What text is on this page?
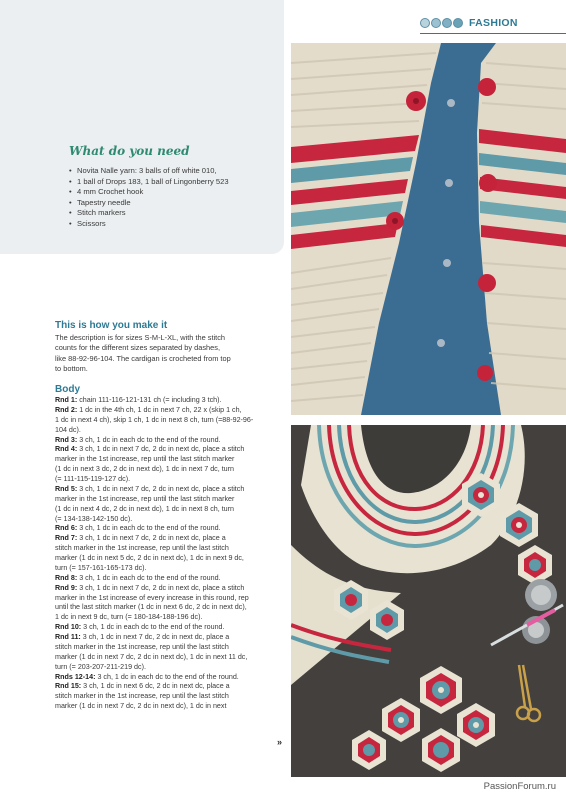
FASHION
What do you need
• Novita Nalle yarn: 3 balls of off white 010,
• 1 ball of Drops 183, 1 ball of Lingonberry 523
• 4 mm Crochet hook
• Tapestry needle
• Stitch markers
• Scissors
This is how you make it
The description is for sizes S-M-L-XL, with the stitch
counts for the different sizes separated by dashes,
like 88-92-96-104. The cardigan is crocheted from top
to bottom.
Body
Rnd 1: chain 111-116-121-131 ch (= including 3 tch).
Rnd 2: 1 dc in the 4th ch, 1 dc in next 7 ch, 22 x (skip 1 ch,
1 dc in next 4 ch), skip 1 ch, 1 dc in next 8 ch, turn (=88-92-96-
104 dc).
Rnd 3: 3 ch, 1 dc in each dc to the end of the round.
Rnd 4: 3 ch, 1 dc in next 7 dc, 2 dc in next dc, place a stitch
marker in the 1st increase, rep until the last stitch marker
(1 dc in next 3 dc, 2 dc in next dc), 1 dc in next 7 dc, turn
(= 111-115-119-127 dc).
Rnd 5: 3 ch, 1 dc in next 7 dc, 2 dc in next dc, place a stitch
marker in the 1st increase, rep until the last stitch marker
(1 dc in next 4 dc, 2 dc in next dc), 1 dc in next 8 ch, turn
(= 134-138-142-150 dc).
Rnd 6: 3 ch, 1 dc in each dc to the end of the round.
Rnd 7: 3 ch, 1 dc in next 7 dc, 2 dc in next dc, place a
stitch marker in the 1st increase, rep until the last stitch
marker (1 dc in next 5 dc, 2 dc in next dc), 1 dc in next 9 dc,
turn (= 157-161-165-173 dc).
Rnd 8: 3 ch, 1 dc in each dc to the end of the round.
Rnd 9: 3 ch, 1 dc in next 7 dc, 2 dc in next dc, place a stitch
marker in the 1st increase of every increase in this round, rep
until the last stitch marker (1 dc in next 6 dc, 2 dc in next dc),
1 dc in next 9 dc, turn (= 180-184-188-196 dc).
Rnd 10: 3 ch, 1 dc in each dc to the end of the round.
Rnd 11: 3 ch, 1 dc in next 7 dc, 2 dc in next dc, place a
stitch marker in the 1st increase, rep until the last stitch
marker (1 dc in next 7 dc, 2 dc in next dc), 1 dc in next 11 dc,
turn (= 203-207-211-219 dc).
Rnds 12-14: 3 ch, 1 dc in each dc to the end of the round.
Rnd 15: 3 ch, 1 dc in next 6 dc, 2 dc in next dc, place a
stitch marker in the 1st increase, rep until the last stitch
marker (1 dc in next 7 dc, 2 dc in next dc), 1 dc in next
»
PassionForum.ru
